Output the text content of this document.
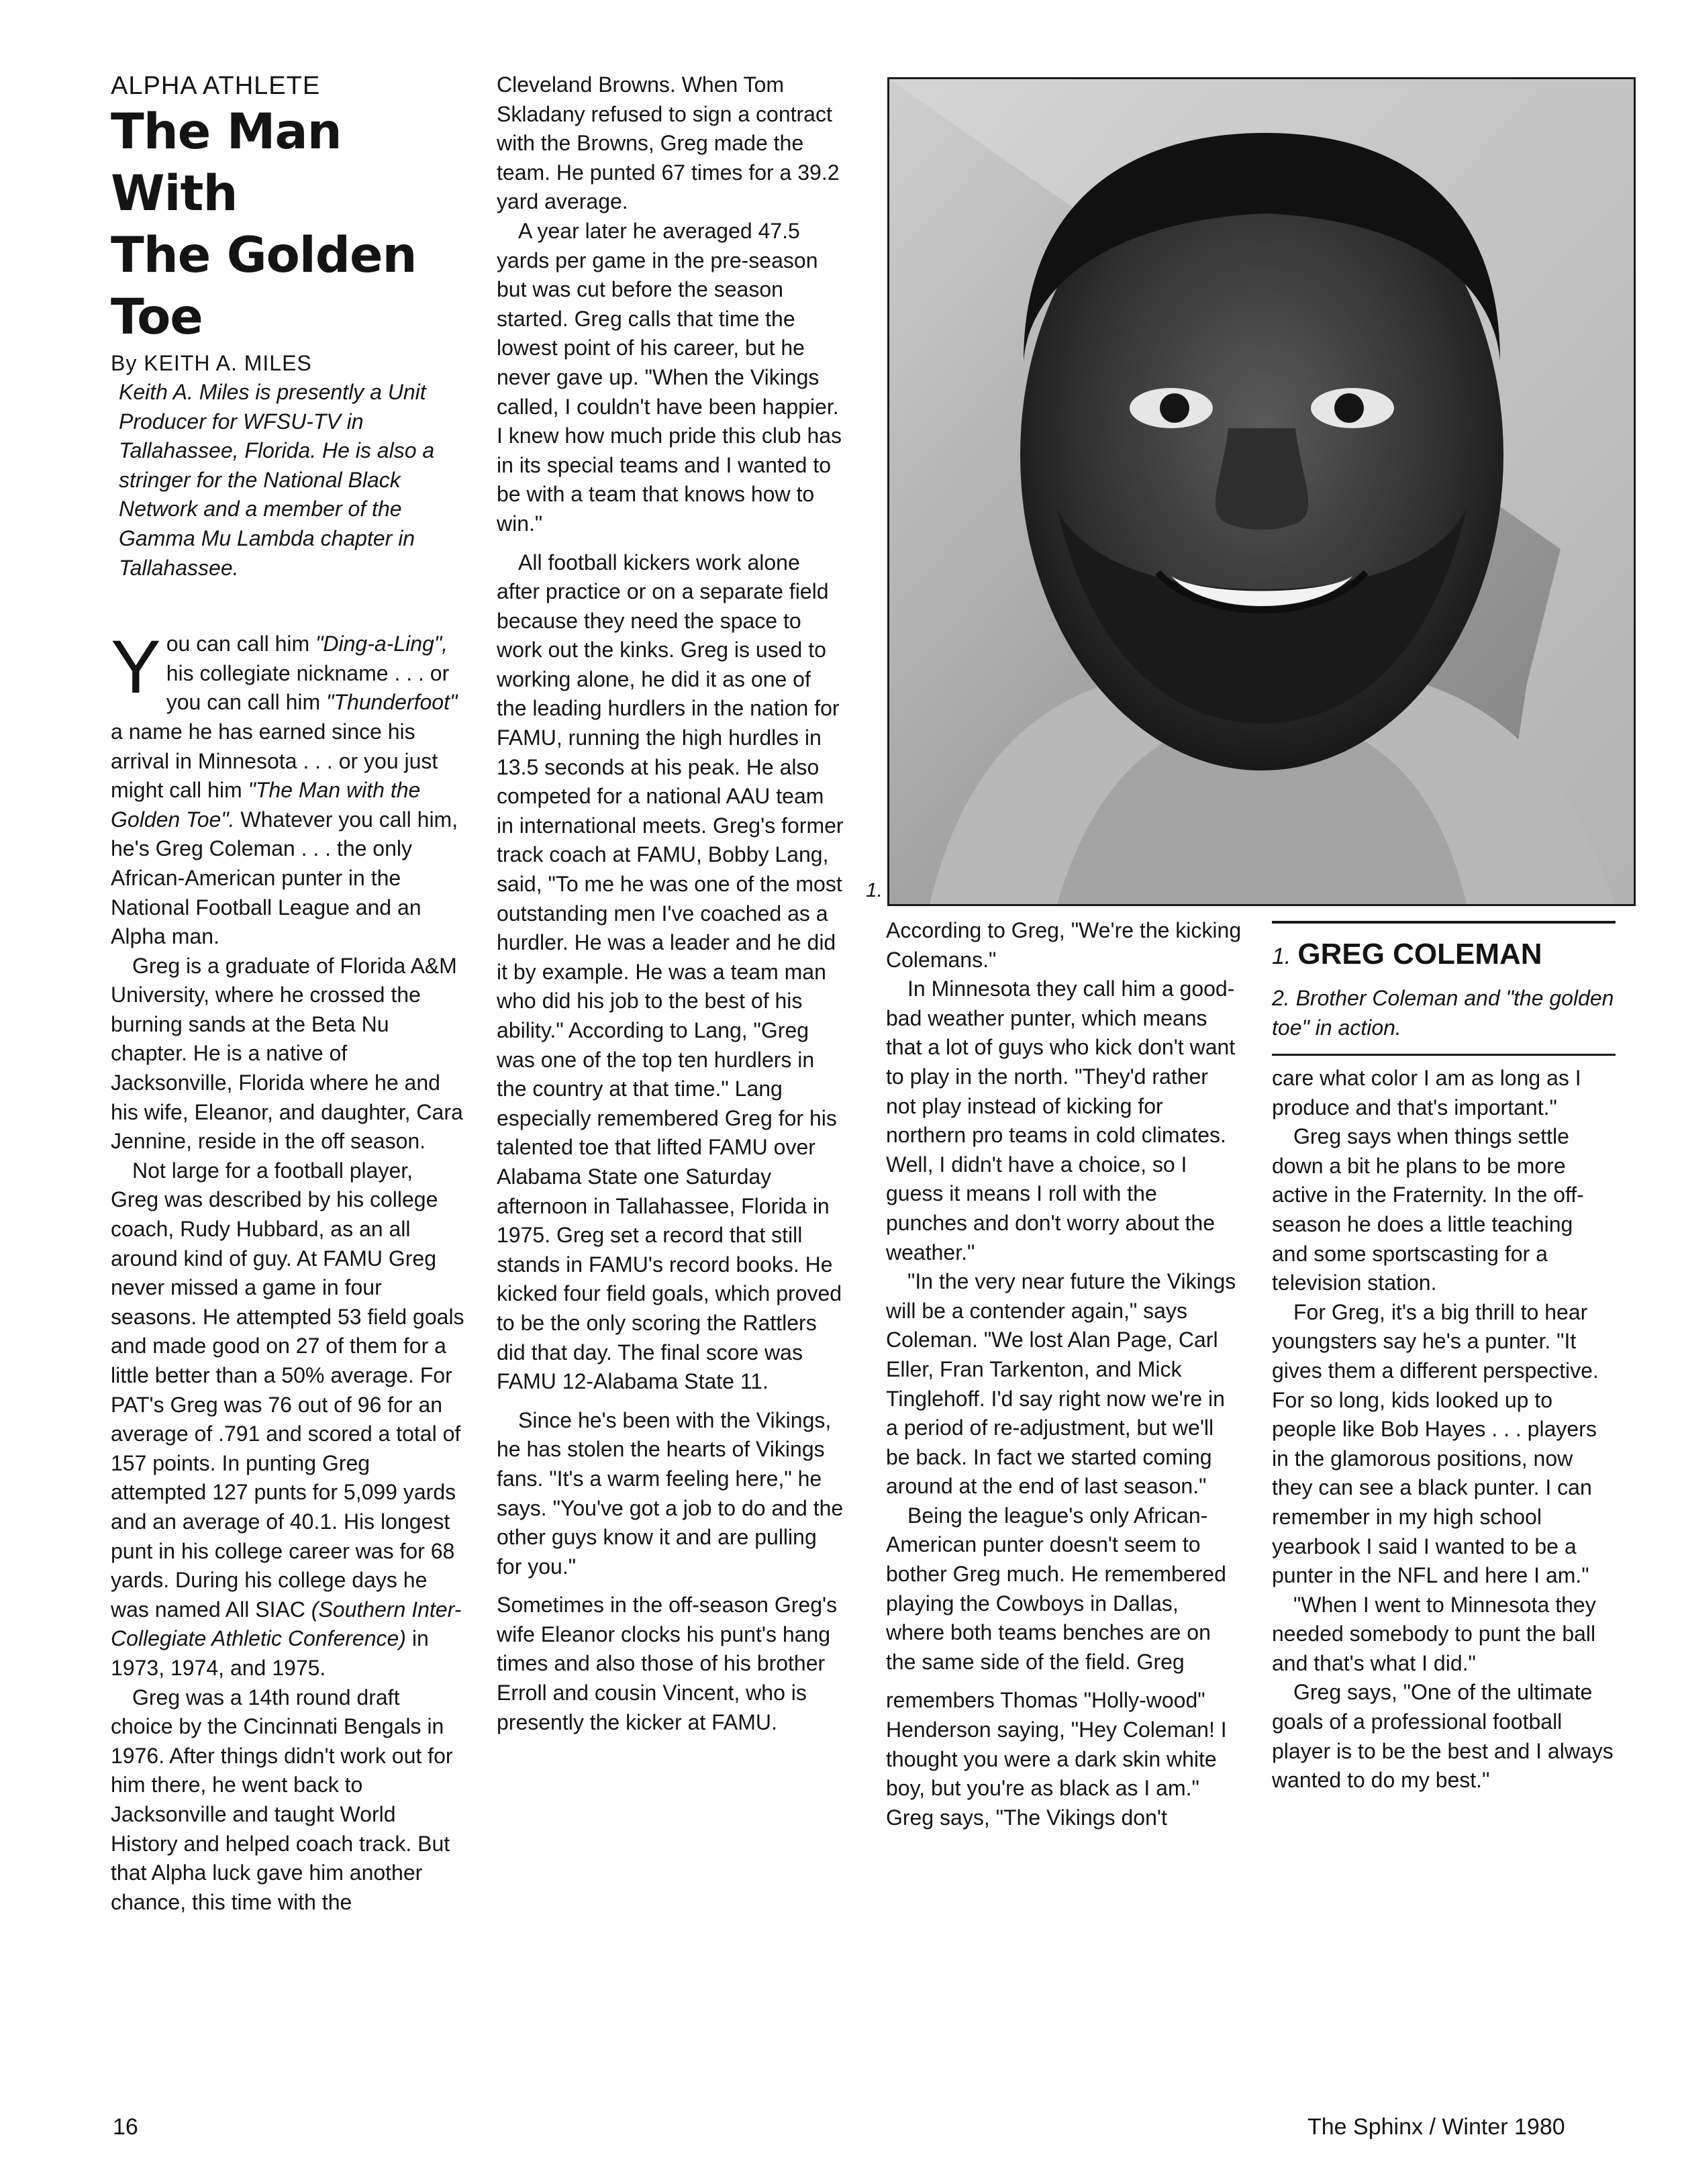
ALPHA ATHLETE

The Man With

The Golden Toe

By KEITH A. MILES

Keith A. Miles is presently a Unit Producer for WFSU-TV in Tallahassee, Florida. He is also a stringer for the National Black Network and a member of the Gamma Mu Lambda chapter in Tallahassee.

You can call him "Ding-a-Ling", his collegiate nickname . . . or you can call him "Thunderfoot" a name he has earned since his arrival in Minnesota . . . or you just might call him "The Man with the Golden Toe". Whatever you call him, he's Greg Coleman . . . the only African-American punter in the National Football League and an Alpha man.

Greg is a graduate of Florida A&M University, where he crossed the burning sands at the Beta Nu chapter. He is a native of Jacksonville, Florida where he and his wife, Eleanor, and daughter, Cara Jennine, reside in the off season.

Not large for a football player, Greg was described by his college coach, Rudy Hubbard, as an all around kind of guy. At FAMU Greg never missed a game in four seasons. He attempted 53 field goals and made good on 27 of them for a little better than a 50% average. For PAT's Greg was 76 out of 96 for an average of .791 and scored a total of 157 points. In punting Greg attempted 127 punts for 5,099 yards and an average of 40.1. His longest punt in his college career was for 68 yards. During his college days he was named All SIAC (Southern Inter-Collegiate Athletic Conference) in 1973, 1974, and 1975.

Greg was a 14th round draft choice by the Cincinnati Bengals in 1976. After things didn't work out for him there, he went back to Jacksonville and taught World History and helped coach track. But that Alpha luck gave him another chance, this time with the

Cleveland Browns. When Tom Skladany refused to sign a contract with the Browns, Greg made the team. He punted 67 times for a 39.2 yard average.

A year later he averaged 47.5 yards per game in the pre-season but was cut before the season started. Greg calls that time the lowest point of his career, but he never gave up. "When the Vikings called, I couldn't have been happier. I knew how much pride this club has in its special teams and I wanted to be with a team that knows how to win."

All football kickers work alone after practice or on a separate field because they need the space to work out the kinks. Greg is used to working alone, he did it as one of the leading hurdlers in the nation for FAMU, running the high hurdles in 13.5 seconds at his peak. He also competed for a national AAU team in international meets. Greg's former track coach at FAMU, Bobby Lang, said, "To me he was one of the most outstanding men I've coached as a hurdler. He was a leader and he did it by example. He was a team man who did his job to the best of his ability." According to Lang, "Greg was one of the top ten hurdlers in the country at that time." Lang especially remembered Greg for his talented toe that lifted FAMU over Alabama State one Saturday afternoon in Tallahassee, Florida in 1975. Greg set a record that still stands in FAMU's record books. He kicked four field goals, which proved to be the only scoring the Rattlers did that day. The final score was FAMU 12-Alabama State 11.

Since he's been with the Vikings, he has stolen the hearts of Vikings fans. "It's a warm feeling here," he says. "You've got a job to do and the other guys know it and are pulling for you."

Sometimes in the off-season Greg's wife Eleanor clocks his punt's hang times and also those of his brother Erroll and cousin Vincent, who is presently the kicker at FAMU.

1.

According to Greg, "We're the kicking Colemans."

In Minnesota they call him a good-bad weather punter, which means that a lot of guys who kick don't want to play in the north. "They'd rather not play instead of kicking for northern pro teams in cold climates. Well, I didn't have a choice, so I guess it means I roll with the punches and don't worry about the weather."

"In the very near future the Vikings will be a contender again," says Coleman. "We lost Alan Page, Carl Eller, Fran Tarkenton, and Mick Tinglehoff. I'd say right now we're in a period of re-adjustment, but we'll be back. In fact we started coming around at the end of last season."

Being the league's only African-American punter doesn't seem to bother Greg much. He remembered playing the Cowboys in Dallas, where both teams benches are on the same side of the field. Greg

remembers Thomas "Holly-wood" Henderson saying, "Hey Coleman! I thought you were a dark skin white boy, but you're as black as I am." Greg says, "The Vikings don't

1. GREG COLEMAN
2. Brother Coleman and "the golden toe" in action.

care what color I am as long as I produce and that's important."

Greg says when things settle down a bit he plans to be more active in the Fraternity. In the off-season he does a little teaching and some sportscasting for a television station.

For Greg, it's a big thrill to hear youngsters say he's a punter. "It gives them a different perspective. For so long, kids looked up to people like Bob Hayes . . . players in the glamorous positions, now they can see a black punter. I can remember in my high school yearbook I said I wanted to be a punter in the NFL and here I am."

"When I went to Minnesota they needed somebody to punt the ball and that's what I did."

Greg says, "One of the ultimate goals of a professional football player is to be the best and I always wanted to do my best."

16	The Sphinx / Winter 1980
